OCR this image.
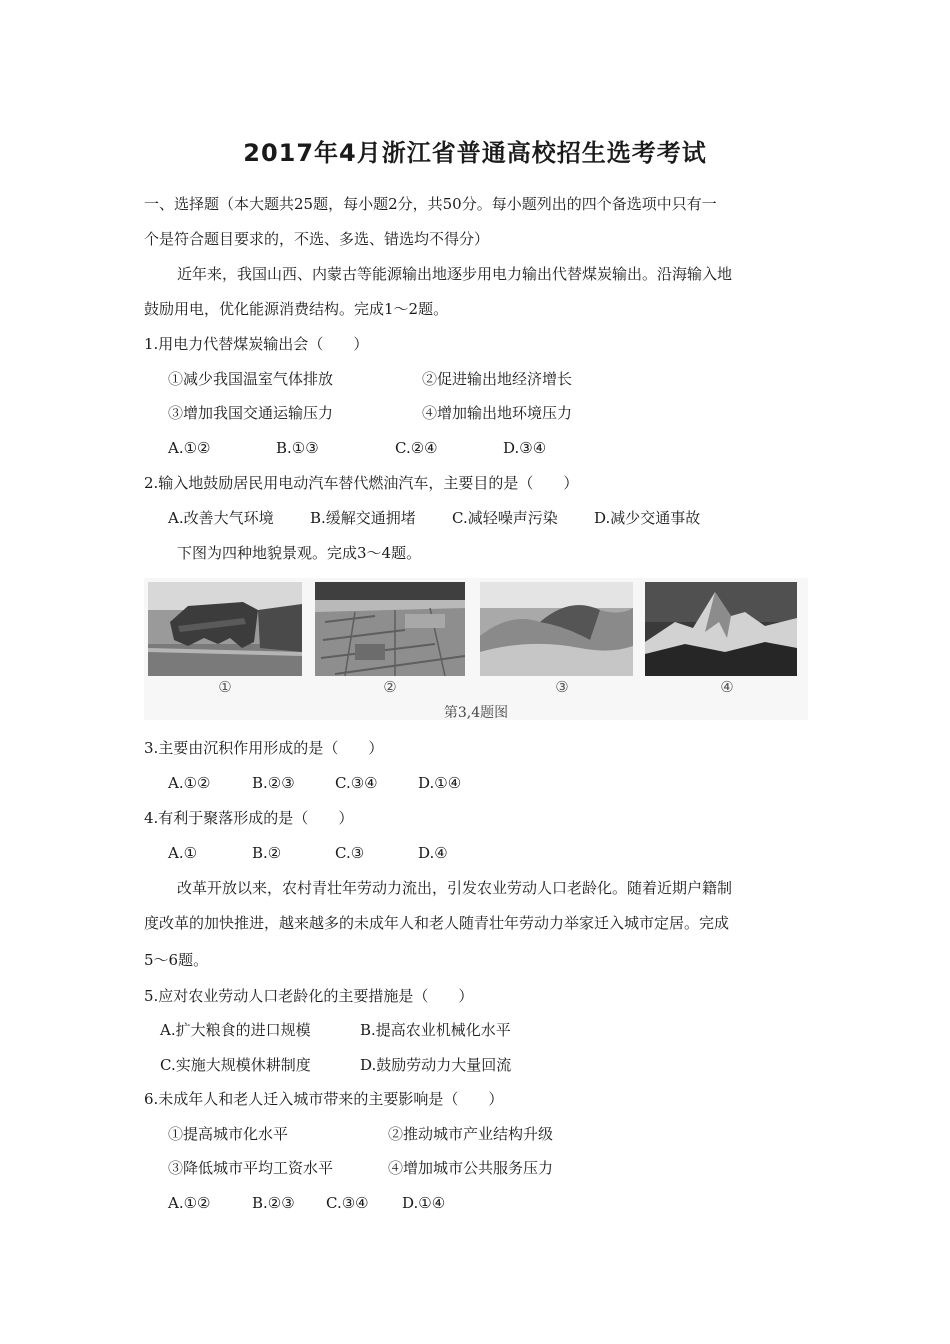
2017年4月浙江省普通高校招生选考考试
一、选择题（本大题共25题，每小题2分，共50分。每小题列出的四个备选项中只有一
个是符合题目要求的，不选、多选、错选均不得分）
近年来，我国山西、内蒙古等能源输出地逐步用电力输出代替煤炭输出。沿海输入地
鼓励用电，优化能源消费结构。完成1～2题。
1.用电力代替煤炭输出会（　　）
①减少我国温室气体排放	②促进输出地经济增长
③增加我国交通运输压力	④增加输出地环境压力
A.①②	B.①③	C.②④	D.③④
2.输入地鼓励居民用电动汽车替代燃油汽车，主要目的是（　　）
A.改善大气环境 B.缓解交通拥堵 C.减轻噪声污染 D.减少交通事故
下图为四种地貌景观。完成3～4题。
①	②	③	④
第3,4题图
3.主要由沉积作用形成的是（　　）
A.①②	B.②③	C.③④	D.①④
4.有利于聚落形成的是（　　）
A.①	B.②	C.③	D.④
改革开放以来，农村青壮年劳动力流出，引发农业劳动人口老龄化。随着近期户籍制
度改革的加快推进，越来越多的未成年人和老人随青壮年劳动力举家迁入城市定居。完成
5～6题。
5.应对农业劳动人口老龄化的主要措施是（　　）
A.扩大粮食的进口规模	B.提高农业机械化水平
C.实施大规模休耕制度	D.鼓励劳动力大量回流
6.未成年人和老人迁入城市带来的主要影响是（　　）
①提高城市化水平	②推动城市产业结构升级
③降低城市平均工资水平	④增加城市公共服务压力
A.①②	B.②③ C.③④ D.①④
